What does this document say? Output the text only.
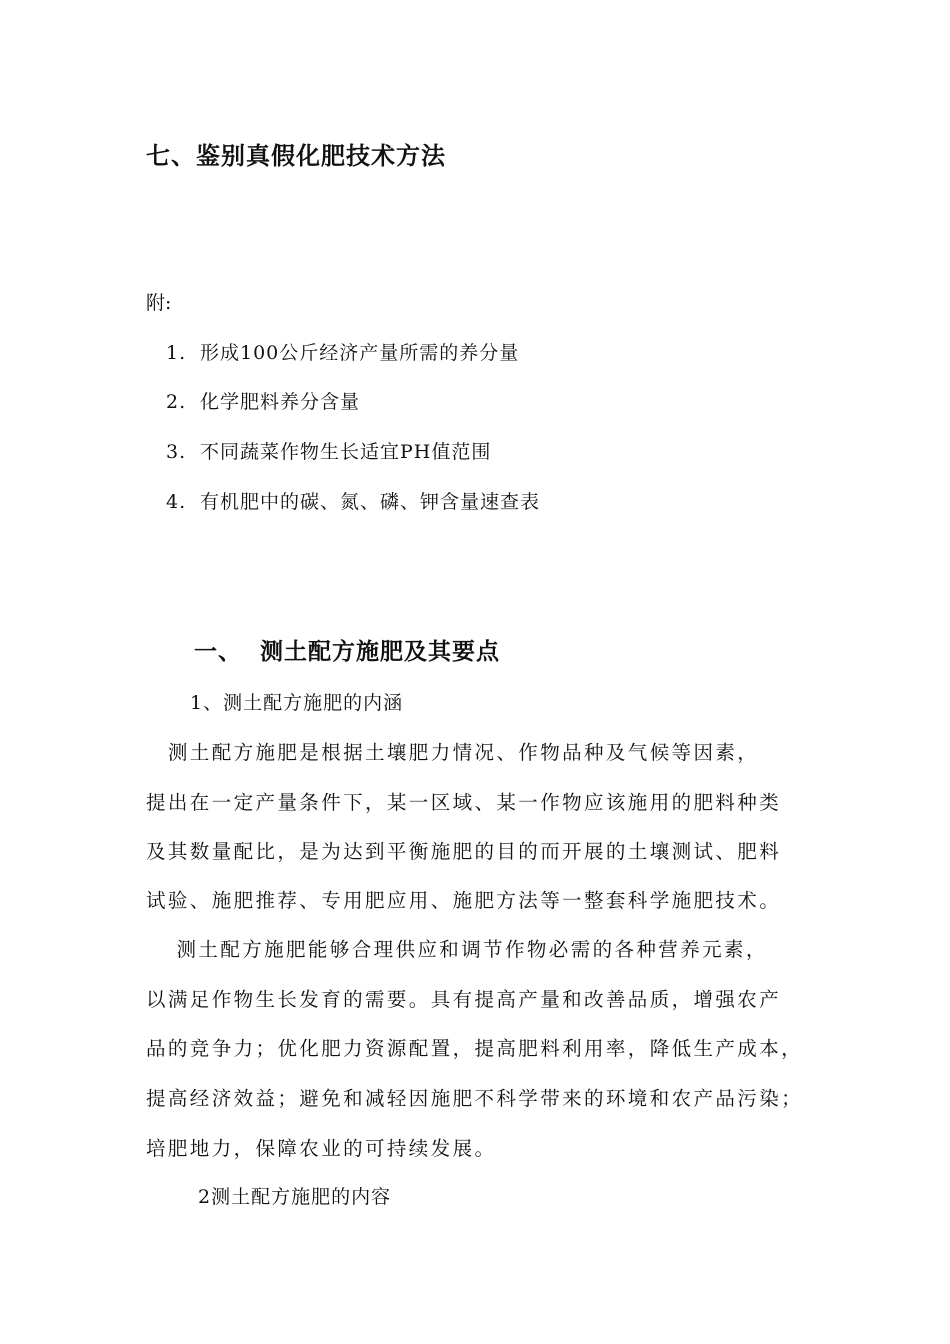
七、鉴别真假化肥技术方法
附:
1. 形成100公斤经济产量所需的养分量
2. 化学肥料养分含量
3. 不同蔬菜作物生长适宜PH值范围
4. 有机肥中的碳、氮、磷、钾含量速查表
一、 测土配方施肥及其要点
1、测土配方施肥的内涵
　测土配方施肥是根据土壤肥力情况、作物品种及气候等因素，
提出在一定产量条件下，某一区域、某一作物应该施用的肥料种类
及其数量配比，是为达到平衡施肥的目的而开展的土壤测试、肥料
试验、施肥推荐、专用肥应用、施肥方法等一整套科学施肥技术。
　 测土配方施肥能够合理供应和调节作物必需的各种营养元素，
以满足作物生长发育的需要。具有提高产量和改善品质，增强农产
品的竞争力；优化肥力资源配置，提高肥料利用率，降低生产成本，
提高经济效益；避免和减轻因施肥不科学带来的环境和农产品污染；
培肥地力，保障农业的可持续发展。
2测土配方施肥的内容
